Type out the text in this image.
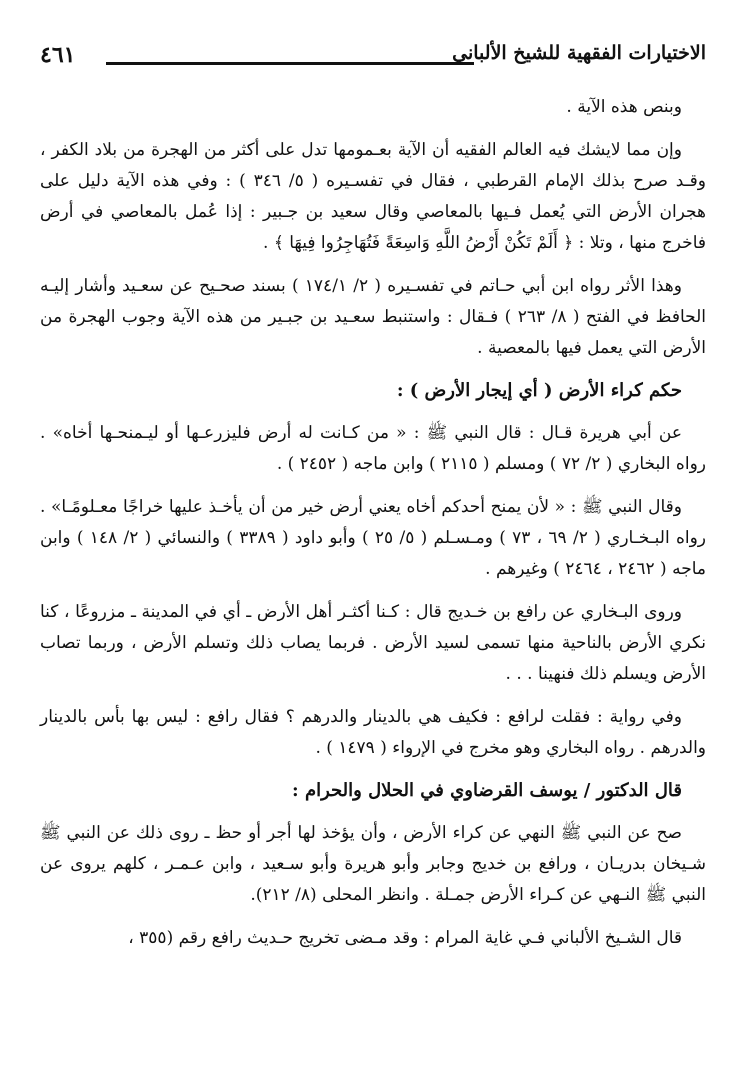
٤٦١	الاختيارات الفقهية للشيخ الألباني

وبنص هذه الآية .

وإن مما لايشك فيه العالم الفقيه أن الآية بعـمومها تدل على أكثر من الهجرة من بلاد الكفر ، وقـد صرح بذلك الإمام القرطبي ، فقال في تفسـيره ( ٥/ ٣٤٦ ) : وفي هذه الآية دليل على هجران الأرض التي يُعمل فـيها بالمعاصي وقال سعيد بن جـبير : إذا عُمل بالمعاصي في أرض فاخرج منها ، وتلا : ﴿ أَلَمْ تَكُنْ أَرْضُ اللَّهِ وَاسِعَةً فَتُهَاجِرُوا فِيهَا ﴾ .

وهذا الأثر رواه ابن أبي حـاتم في تفسـيره ( ٢/ ١٧٤/١ ) بسند صحـيح عن سعـيد وأشار إليـه الحافظ في الفتح ( ٨/ ٢٦٣ ) فـقال : واستنبط سعـيد بن جبـير من هذه الآية وجوب الهجرة من الأرض التي يعمل فيها بالمعصية .

حكم كراء الأرض ( أي إيجار الأرض ) :

عن أبي هريرة قـال : قال النبي ﷺ : « من كـانت له أرض فليزرعـها أو ليـمنحـها أخاه» . رواه البخاري ( ٢/ ٧٢ ) ومسلم ( ٢١١٥ ) وابن ماجه ( ٢٤٥٢ ) .

وقال النبي ﷺ : « لأن يمنح أحدكم أخاه يعني أرض خير من أن يأخـذ عليها خراجًا معـلومًـا» . رواه البـخـاري ( ٢/ ٦٩ ، ٧٣ ) ومـسـلم ( ٥/ ٢٥ ) وأبو داود ( ٣٣٨٩ ) والنسائي ( ٢/ ١٤٨ ) وابن ماجه ( ٢٤٦٢ ، ٢٤٦٤ ) وغيرهم .

وروى البـخاري عن رافع بن خـديج قال : كـنا أكثـر أهل الأرض ـ أي في المدينة ـ مزروعًا ، كنا نكري الأرض بالناحية منها تسمى لسيد الأرض . فربما يصاب ذلك وتسلم الأرض ، وربما تصاب الأرض ويسلم ذلك فنهينا . . .

وفي رواية : فقلت لرافع : فكيف هي بالدينار والدرهم ؟ فقال رافع : ليس بها بأس بالدينار والدرهم . رواه البخاري وهو مخرج في الإرواء ( ١٤٧٩ ) .

قال الدكتور / يوسف القرضاوي في الحلال والحرام :

صح عن النبي ﷺ النهي عن كراء الأرض ، وأن يؤخذ لها أجر أو حظ ـ روى ذلك عن النبي ﷺ شـيخان بدريـان ، ورافع بن خديج وجابر وأبو هريرة وأبو سـعيد ، وابن عـمـر ، كلهم يروى عن النبي ﷺ النـهي عن كـراء الأرض جمـلة . وانظر المحلى (٨/ ٢١٢).

قال الشـيخ الألباني فـي غاية المرام : وقد مـضى تخريج حـديث رافع رقم (٣٥٥ ،
